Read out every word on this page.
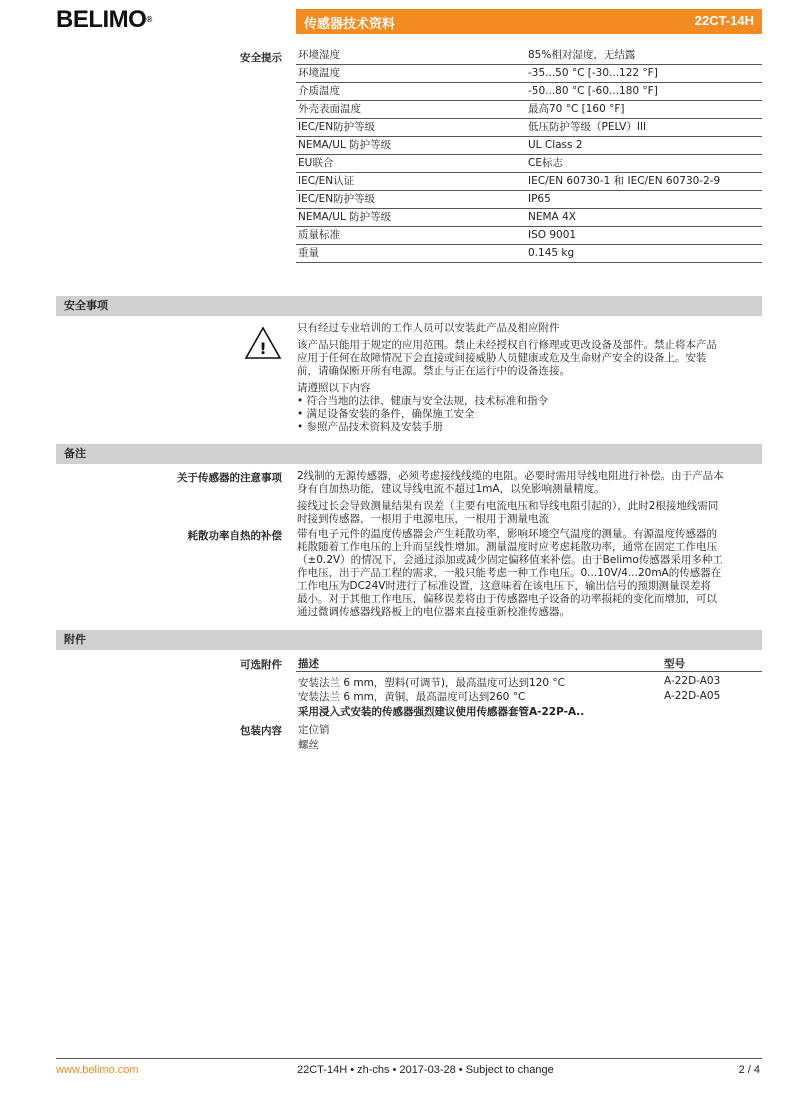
BELIMO®	传感器技术资料	22CT-14H
安全提示 环境湿度	85%相对湿度，无结露
环境温度	-35...50 °C [-30...122 °F]
介质温度	-50...80 °C [-60...180 °F]
外壳表面温度	最高70 °C [160 °F]
IEC/EN防护等级	低压防护等级（PELV）III
NEMA/UL 防护等级	UL Class 2
EU联合	CE标志
IEC/EN认证	IEC/EN 60730-1 和 IEC/EN 60730-2-9
IEC/EN防护等级	IP65
NEMA/UL 防护等级	NEMA 4X
质量标准	ISO 9001
重量	0.145 kg
安全事项
!
只有经过专业培训的工作人员可以安装此产品及相应附件
该产品只能用于规定的应用范围。禁止未经授权自行修理或更改设备及部件。禁止将本产品
应用于任何在故障情况下会直接或间接威胁人员健康或危及生命财产安全的设备上。安装
前，请确保断开所有电源。禁止与正在运行中的设备连接。
请遵照以下内容
• 符合当地的法律、健康与安全法规，技术标准和指令
• 满足设备安装的条件，确保施工安全
• 参照产品技术资料及安装手册
备注
关于传感器的注意事项 2线制的无源传感器，必须考虑接线线缆的电阻。必要时需用导线电阻进行补偿。由于产品本
身有自加热功能，建议导线电流不超过1mA，以免影响测量精度。
接线过长会导致测量结果有误差（主要有电流电压和导线电阻引起的），此时2根接地线需同
时接到传感器，一根用于电源电压，一根用于测量电流
耗散功率自热的补偿 带有电子元件的温度传感器会产生耗散功率，影响环境空气温度的测量。有源温度传感器的
耗散随着工作电压的上升而呈线性增加。测量温度时应考虑耗散功率，通常在固定工作电压
（±0.2V）的情况下，会通过添加或减少固定偏移值来补偿。由于Belimo传感器采用多种工
作电压，出于产品工程的需求，一般只能考虑一种工作电压。0...10V/4...20mA的传感器在
工作电压为DC24V时进行了标准设置，这意味着在该电压下，输出信号的预期测量误差将
最小。对于其他工作电压，偏移误差将由于传感器电子设备的功率损耗的变化而增加，可以
通过微调传感器线路板上的电位器来直接重新校准传感器。
附件
可选附件 描述	型号
安装法兰 6 mm，塑料(可调节)，最高温度可达到120 °C	A-22D-A03
安装法兰 6 mm，黄铜，最高温度可达到260 °C	A-22D-A05
采用浸入式安装的传感器强烈建议使用传感器套管A-22P-A..
包装内容 定位销
螺丝
www.belimo.com	22CT-14H • zh-chs • 2017-03-28 • Subject to change	2 / 4
